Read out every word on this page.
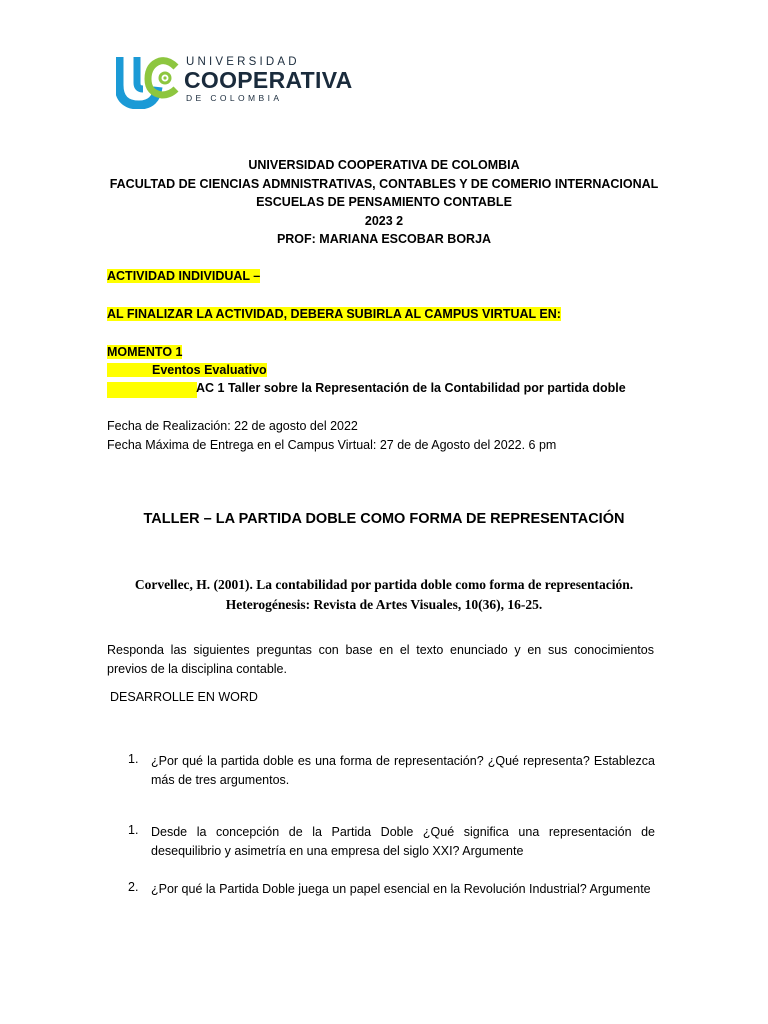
UNIVERSIDAD
COOPERATIVA
DE COLOMBIA
UNIVERSIDAD COOPERATIVA DE COLOMBIA
FACULTAD DE CIENCIAS ADMNISTRATIVAS, CONTABLES Y DE COMERIO INTERNACIONAL
ESCUELAS DE PENSAMIENTO CONTABLE
2023 2
PROF: MARIANA ESCOBAR BORJA
ACTIVIDAD INDIVIDUAL –
AL FINALIZAR LA ACTIVIDAD, DEBERA SUBIRLA AL CAMPUS VIRTUAL EN:
MOMENTO 1
Eventos Evaluativo
AC 1 Taller sobre la Representación de la Contabilidad por partida doble
Fecha de Realización: 22 de agosto del 2022
Fecha Máxima de Entrega en el Campus Virtual: 27 de de Agosto del 2022. 6 pm
TALLER – LA PARTIDA DOBLE COMO FORMA DE REPRESENTACIÓN
Corvellec, H. (2001). La contabilidad por partida doble como forma de representación.
Heterogénesis: Revista de Artes Visuales, 10(36), 16-25.
Responda las siguientes preguntas con base en el texto enunciado y en sus conocimientos previos de la disciplina contable.
DESARROLLE EN WORD
1. ¿Por qué la partida doble es una forma de representación? ¿Qué representa? Establezca más de tres argumentos.
1. Desde la concepción de la Partida Doble ¿Qué significa una representación de desequilibrio y asimetría en una empresa del siglo XXI? Argumente
2. ¿Por qué la Partida Doble juega un papel esencial en la Revolución Industrial? Argumente
